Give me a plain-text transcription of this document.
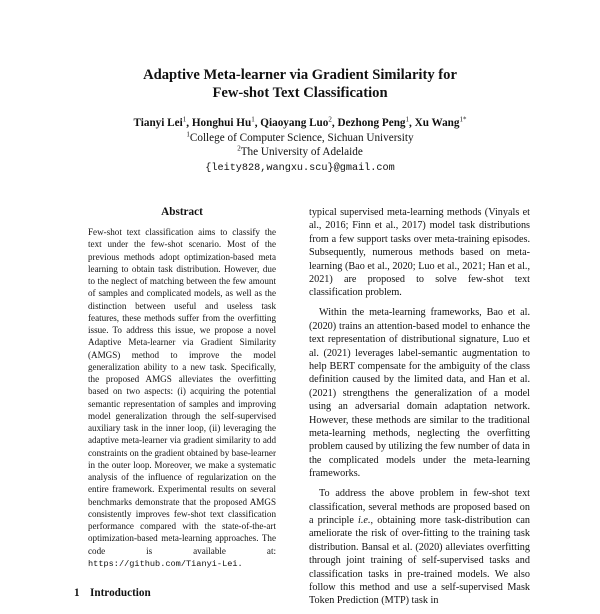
Adaptive Meta-learner via Gradient Similarity for
Few-shot Text Classification
Tianyi Lei$^1$, Honghui Hu$^1$, Qiaoyang Luo$^2$, Dezhong Peng$^1$, Xu Wang$^{1*}$
$^1$College of Computer Science, Sichuan University
$^2$The University of Adelaide
{leity828,wangxu.scu}@gmail.com
Abstract
Few-shot text classification aims to classify the text under the few-shot scenario. Most of the previous methods adopt optimization-based meta learning to obtain task distribution. However, due to the neglect of matching between the few amount of samples and complicated models, as well as the distinction between useful and useless task features, these methods suffer from the overfitting issue. To address this issue, we propose a novel Adaptive Meta-learner via Gradient Similarity (AMGS) method to improve the model generalization ability to a new task. Specifically, the proposed AMGS alleviates the overfitting based on two aspects: (i) acquiring the potential semantic representation of samples and improving model generalization through the self-supervised auxiliary task in the inner loop, (ii) leveraging the adaptive meta-learner via gradient similarity to add constraints on the gradient obtained by base-learner in the outer loop. Moreover, we make a systematic analysis of the influence of regularization on the entire framework. Experimental results on several benchmarks demonstrate that the proposed AMGS consistently improves few-shot text classification performance compared with the state-of-the-art optimization-based meta-learning approaches. The code is available at: https://github.com/Tianyi-Lei.
1 Introduction

typical supervised meta-learning methods (Vinyals et al., 2016; Finn et al., 2017) model task distributions from a few support tasks over meta-training episodes. Subsequently, numerous methods based on meta-learning (Bao et al., 2020; Luo et al., 2021; Han et al., 2021) are proposed to solve few-shot text classification problem.

Within the meta-learning frameworks, Bao et al. (2020) trains an attention-based model to enhance the text representation of distributional signature, Luo et al. (2021) leverages label-semantic augmentation to help BERT compensate for the ambiguity of the class definition caused by the limited data, and Han et al. (2021) strengthens the generalization of a model using an adversarial domain adaptation network. However, these methods are similar to the traditional meta-learning methods, neglecting the overfitting problem caused by utilizing the few number of data in the complicated models under the meta-learning frameworks.

To address the above problem in few-shot text classification, several methods are proposed based on a principle i.e., obtaining more task-distribution can ameliorate the risk of over-fitting to the training task distribution. Bansal et al. (2020) alleviates overfitting through joint training of self-supervised tasks and classification tasks in pre-trained models. We also follow this method and use a self-supervised Mask Token Prediction (MTP) task in
